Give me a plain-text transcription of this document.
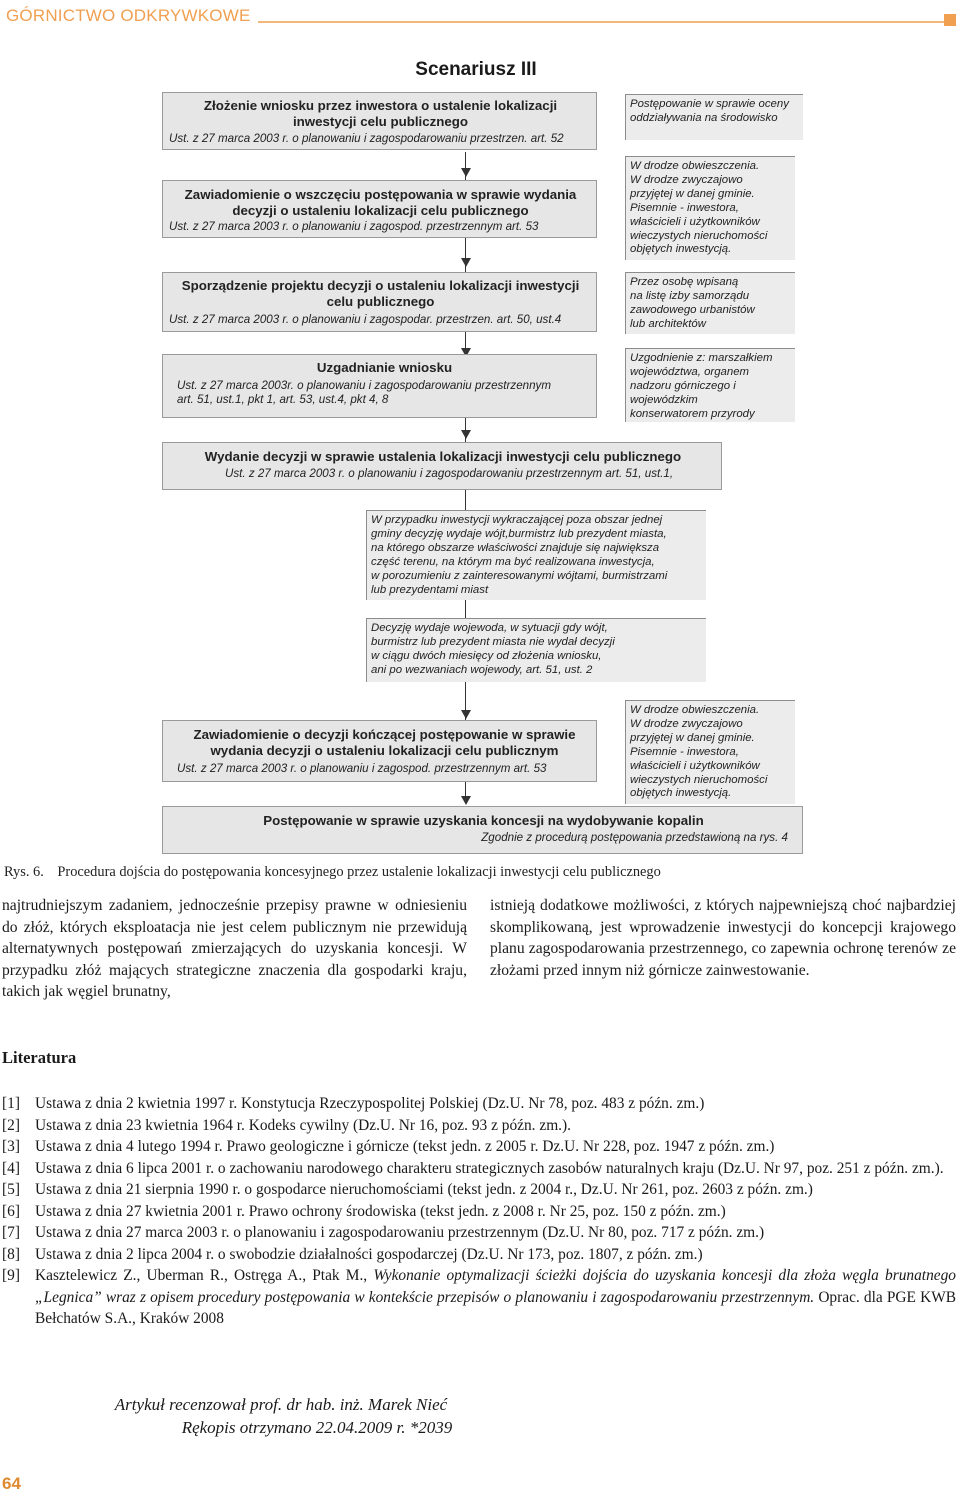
GÓRNICTWO ODKRYWKOWE
Scenariusz III
Złożenie wniosku przez inwestora o ustalenie lokalizacji
inwestycji celu publicznego
Ust. z 27 marca 2003 r. o planowaniu i zagospodarowaniu przestrzen. art. 52
Postępowanie w sprawie oceny
oddziaływania na środowisko
Zawiadomienie o wszczęciu postępowania w sprawie wydania
decyzji o ustaleniu lokalizacji celu publicznego
Ust. z 27 marca 2003 r. o planowaniu i zagospod. przestrzennym art. 53
W drodze obwieszczenia.
W drodze zwyczajowo
przyjętej w danej gminie.
Pisemnie - inwestora,
właścicieli i użytkowników
wieczystych nieruchomości
objętych inwestycją.
Sporządzenie projektu decyzji o ustaleniu lokalizacji inwestycji
celu publicznego
Ust. z 27 marca 2003 r. o planowaniu i zagospodar. przestrzen. art. 50, ust.4
Przez osobę wpisaną
na listę izby samorządu
zawodowego urbanistów
lub architektów
Uzgadnianie wniosku
Ust. z 27 marca 2003r. o planowaniu i zagospodarowaniu przestrzennym
art. 51, ust.1, pkt 1, art. 53, ust.4, pkt 4, 8
Uzgodnienie z: marszałkiem
województwa, organem
nadzoru górniczego i
wojewódzkim
konserwatorem przyrody
Wydanie decyzji w sprawie ustalenia lokalizacji inwestycji celu publicznego
Ust. z 27 marca 2003 r. o planowaniu i zagospodarowaniu przestrzennym art. 51, ust.1,
W przypadku inwestycji wykraczającej poza obszar jednej
gminy decyzję wydaje wójt,burmistrz lub prezydent miasta,
na którego obszarze właściwości znajduje się największa
część terenu, na którym ma być realizowana inwestycja,
w porozumieniu z zainteresowanymi wójtami, burmistrzami
lub prezydentami miast
Decyzję wydaje wojewoda, w sytuacji gdy wójt,
burmistrz lub prezydent miasta nie wydał decyzji
w ciągu dwóch miesięcy od złożenia wniosku,
ani po wezwaniach wojewody, art. 51, ust. 2
W drodze obwieszczenia.
W drodze zwyczajowo
przyjętej w danej gminie.
Pisemnie - inwestora,
właścicieli i użytkowników
wieczystych nieruchomości
objętych inwestycją.
Zawiadomienie o decyzji kończącej postępowanie w sprawie
wydania decyzji o ustaleniu lokalizacji celu publicznym
Ust. z 27 marca 2003 r. o planowaniu i zagospod. przestrzennym art. 53
Postępowanie w sprawie uzyskania koncesji na wydobywanie kopalin
Zgodnie z procedurą postępowania przedstawioną na rys. 4
Rys. 6. Procedura dojścia do postępowania koncesyjnego przez ustalenie lokalizacji inwestycji celu publicznego

najtrudniejszym zadaniem, jednocześnie przepisy prawne w odniesieniu do złóż, których eksploatacja nie jest celem publicznym nie przewidują alternatywnych postępowań zmierzających do uzyskania koncesji. W przypadku złóż mających strategiczne znaczenia dla gospodarki kraju, takich jak węgiel brunatny,

istnieją dodatkowe możliwości, z których najpewniejszą choć najbardziej skomplikowaną, jest wprowadzenie inwestycji do koncepcji krajowego planu zagospodarowania przestrzennego, co zapewnia ochronę terenów ze złożami przed innym niż górnicze zainwestowanie.

Literatura
[1] Ustawa z dnia 2 kwietnia 1997 r. Konstytucja Rzeczypospolitej Polskiej (Dz.U. Nr 78, poz. 483 z późn. zm.)
[2] Ustawa z dnia 23 kwietnia 1964 r. Kodeks cywilny (Dz.U. Nr 16, poz. 93 z późn. zm.).
[3] Ustawa z dnia 4 lutego 1994 r. Prawo geologiczne i górnicze (tekst jedn. z 2005 r. Dz.U. Nr 228, poz. 1947 z późn. zm.)
[4] Ustawa z dnia 6 lipca 2001 r. o zachowaniu narodowego charakteru strategicznych zasobów naturalnych kraju (Dz.U. Nr 97, poz. 251 z późn. zm.).
[5] Ustawa z dnia 21 sierpnia 1990 r. o gospodarce nieruchomościami (tekst jedn. z 2004 r., Dz.U. Nr 261, poz. 2603 z późn. zm.)
[6] Ustawa z dnia 27 kwietnia 2001 r. Prawo ochrony środowiska (tekst jedn. z 2008 r. Nr 25, poz. 150 z późn. zm.)
[7] Ustawa z dnia 27 marca 2003 r. o planowaniu i zagospodarowaniu przestrzennym (Dz.U. Nr 80, poz. 717 z późn. zm.)
[8] Ustawa z dnia 2 lipca 2004 r. o swobodzie działalności gospodarczej (Dz.U. Nr 173, poz. 1807, z późn. zm.)
[9] Kasztelewicz Z., Uberman R., Ostręga A., Ptak M., Wykonanie optymalizacji ścieżki dojścia do uzyskania koncesji dla złoża węgla brunatnego „Legnica” wraz z opisem procedury postępowania w kontekście przepisów o planowaniu i zagospodarowaniu przestrzennym. Oprac. dla PGE KWB Bełchatów S.A., Kraków 2008
Artykuł recenzował prof. dr hab. inż. Marek Nieć
Rękopis otrzymano 22.04.2009 r. *2039
64
